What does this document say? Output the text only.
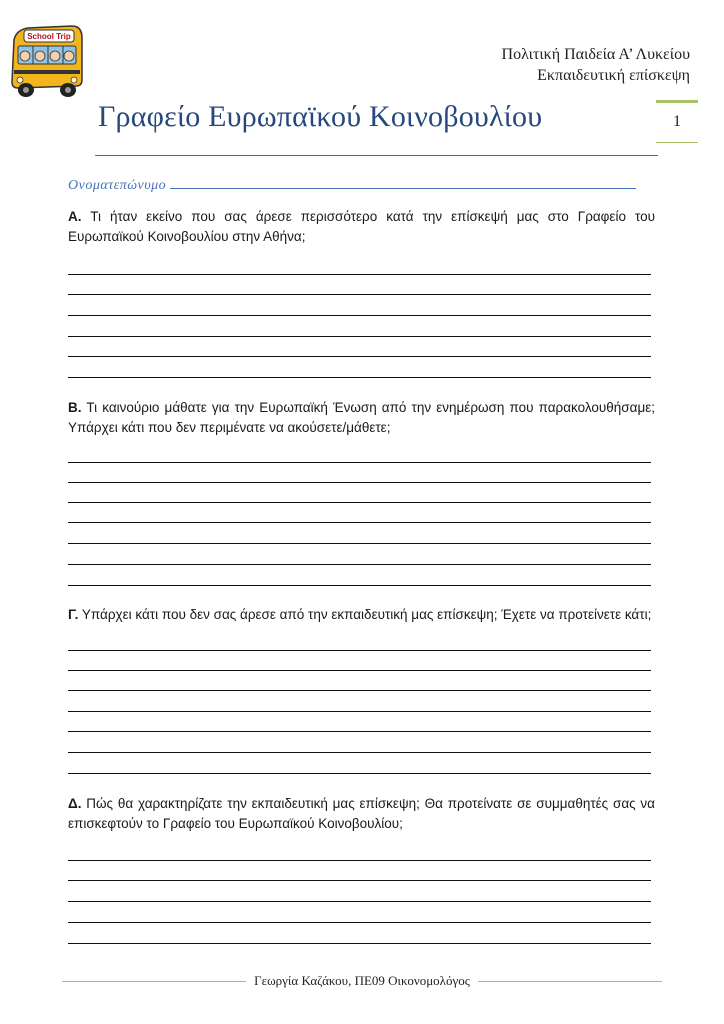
School Trip
Πολιτική Παιδεία Α’ Λυκείου
Εκπαιδευτική επίσκεψη
Γραφείο Ευρωπαϊκού Κοινοβουλίου	1
Ονοματεπώνυμο
Α. Τι ήταν εκείνο που σας άρεσε περισσότερο κατά την επίσκεψή μας στο Γραφείο του Ευρωπαϊκού Κοινοβουλίου στην Αθήνα;
Β. Τι καινούριο μάθατε για την Ευρωπαϊκή Ένωση από την ενημέρωση που παρακολουθήσαμε; Υπάρχει κάτι που δεν περιμένατε να ακούσετε/μάθετε;
Γ. Υπάρχει κάτι που δεν σας άρεσε από την εκπαιδευτική μας επίσκεψη; Έχετε να προτείνετε κάτι;
Δ. Πώς θα χαρακτηρίζατε την εκπαιδευτική μας επίσκεψη; Θα προτείνατε σε συμμαθητές σας να επισκεφτούν το Γραφείο του Ευρωπαϊκού Κοινοβουλίου;
Γεωργία Καζάκου, ΠΕ09 Οικονομολόγος
